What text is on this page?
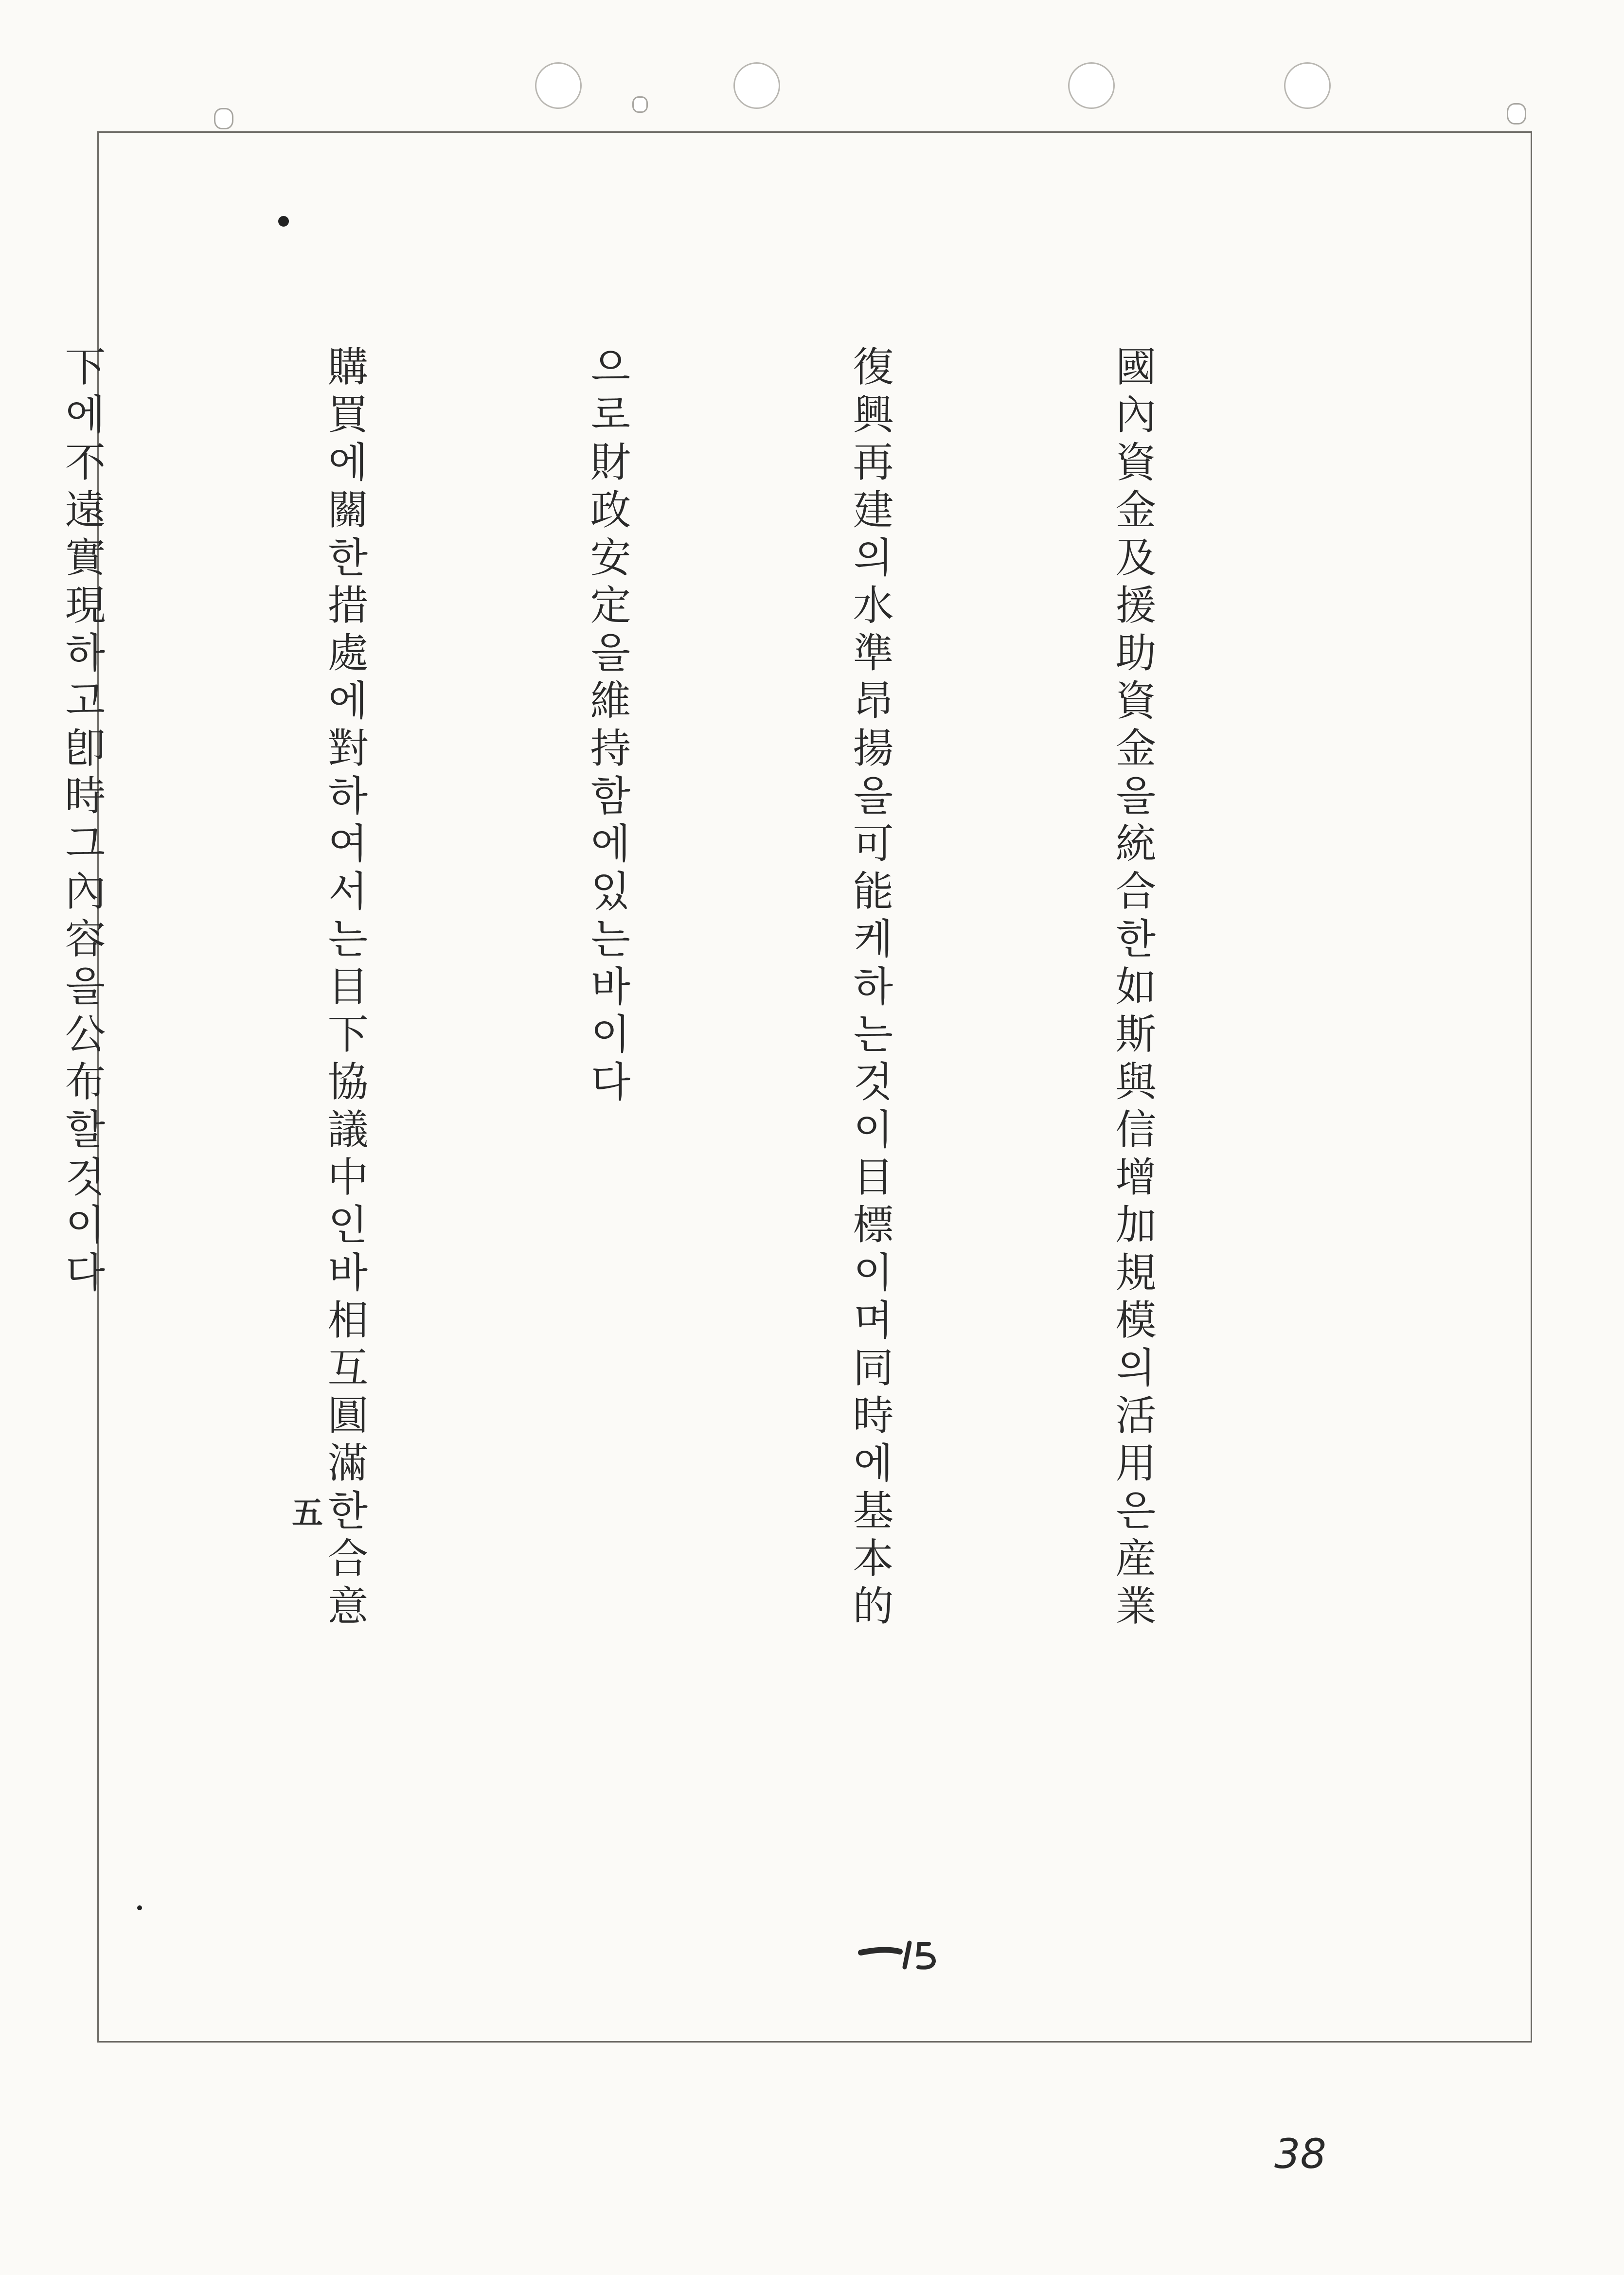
國內資金及援助資金을統合한如斯與信增加規模의活用은産業

復興再建의水準昂揚을可能케하는것이目標이며同時에基本的

으로財政安定을維持함에있는바이다

購買에關한措處에對하여서는目下協議中인바相互圓滿한合意

下에不遠實現하고卽時그內容을公布할것이다

五
15
38
